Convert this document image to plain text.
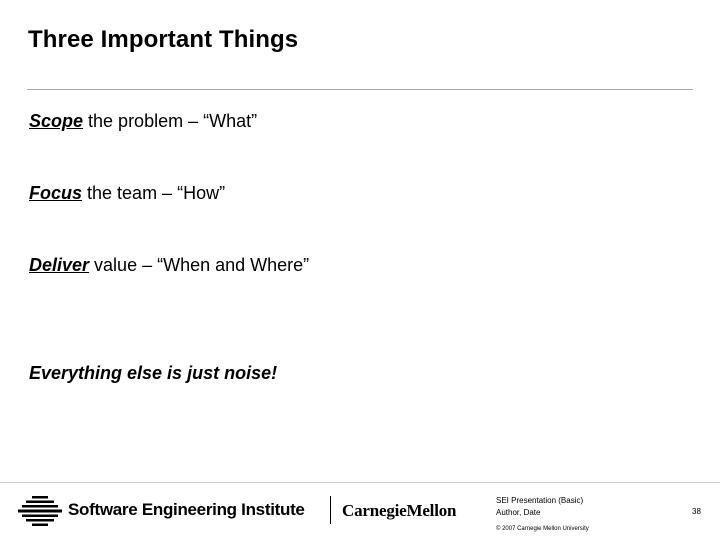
Three Important Things
Scope the problem – “What”
Focus the team – “How”
Deliver value – “When and Where”
Everything else is just noise!
Software Engineering Institute CarnegieMellon
SEI Presentation (Basic)
Author, Date
© 2007 Carnegie Mellon University
38
